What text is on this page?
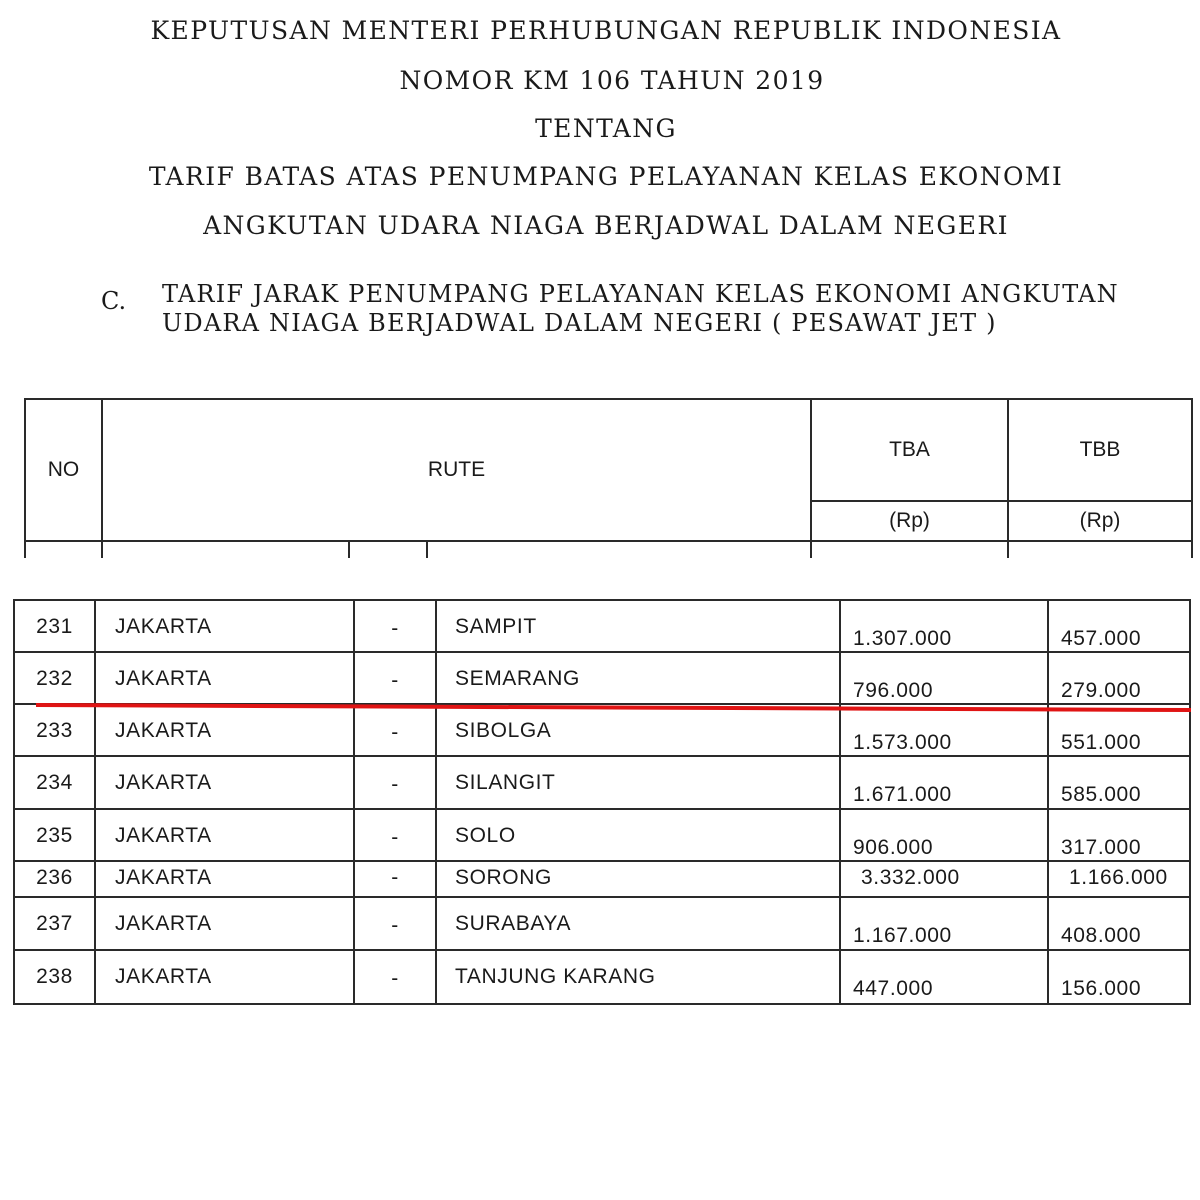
KEPUTUSAN MENTERI PERHUBUNGAN REPUBLIK INDONESIA
NOMOR KM 106 TAHUN 2019
TENTANG
TARIF BATAS ATAS PENUMPANG PELAYANAN KELAS EKONOMI
ANGKUTAN UDARA NIAGA BERJADWAL DALAM NEGERI
C. TARIF JARAK PENUMPANG PELAYANAN KELAS EKONOMI ANGKUTAN UDARA NIAGA BERJADWAL DALAM NEGERI ( PESAWAT JET )
NO	RUTE			TBA	TBB
				(Rp)	(Rp)

231	JAKARTA	-	SAMPIT	1.307.000	457.000
232	JAKARTA	-	SEMARANG	796.000	279.000
233	JAKARTA	-	SIBOLGA	1.573.000	551.000
234	JAKARTA	-	SILANGIT	1.671.000	585.000
235	JAKARTA	-	SOLO	906.000	317.000
236	JAKARTA	-	SORONG	3.332.000	1.166.000
237	JAKARTA	-	SURABAYA	1.167.000	408.000
238	JAKARTA	-	TANJUNG KARANG	447.000	156.000
